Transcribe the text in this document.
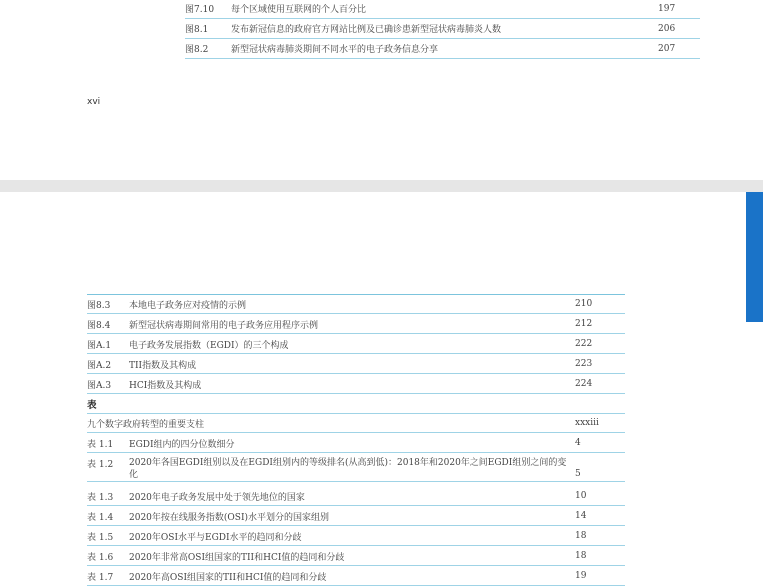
图7.10	每个区域使用互联网的个人百分比	197
图8.1	发布新冠信息的政府官方网站比例及已确诊患新型冠状病毒肺炎人数	206
图8.2	新型冠状病毒肺炎期间不同水平的电子政务信息分享	207
xvi
图8.3	本地电子政务应对疫情的示例	210
图8.4	新型冠状病毒期间常用的电子政务应用程序示例	212
图A.1	电子政务发展指数（EGDI）的三个构成	222
图A.2	TII指数及其构成	223
图A.3	HCI指数及其构成	224
表
九个数字政府转型的重要支柱	xxxiii
表 1.1	EGDI组内的四分位数细分	4
表 1.2	2020年各国EGDI组别以及在EGDI组别内的等级排名(从高到低)：2018年和2020年之间EGDI组别之间的变化	5
表 1.3	2020年电子政务发展中处于领先地位的国家	10
表 1.4	2020年按在线服务指数(OSI)水平划分的国家组别	14
表 1.5	2020年OSI水平与EGDI水平的趋同和分歧	18
表 1.6	2020年非常高OSI组国家的TII和HCI值的趋同和分歧	18
表 1.7	2020年高OSI组国家的TII和HCI值的趋同和分歧	19
